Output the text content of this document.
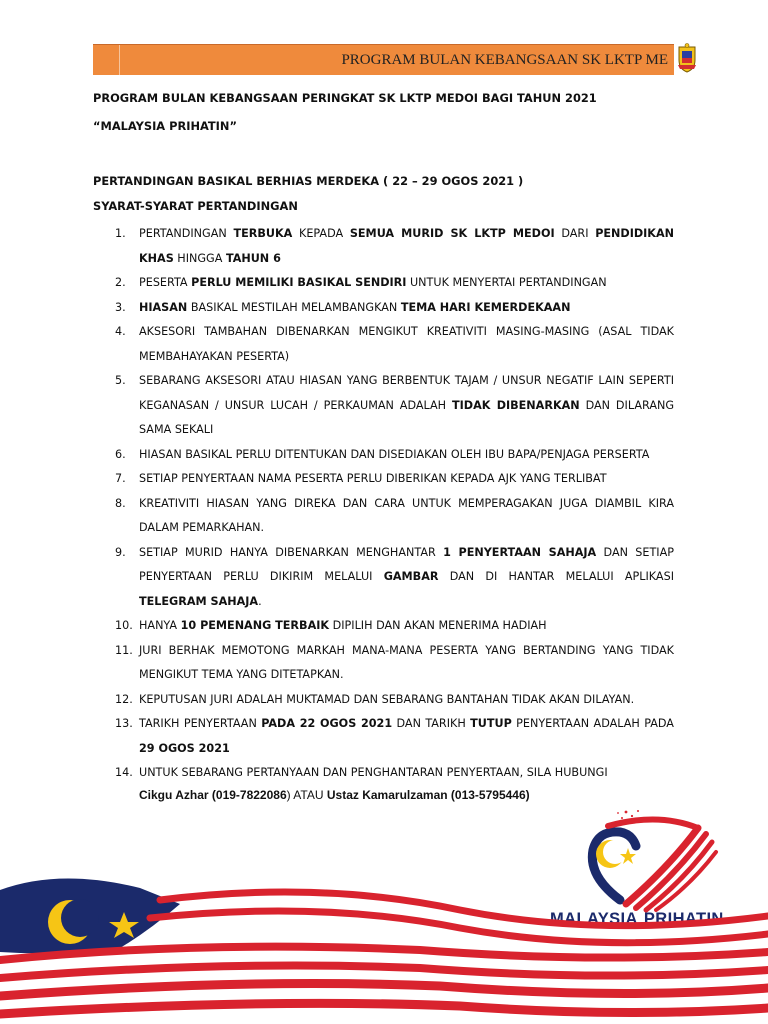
PROGRAM BULAN KEBANGSAAN SK LKTP ME
PROGRAM BULAN KEBANGSAAN PERINGKAT SK LKTP MEDOI BAGI TAHUN 2021
“MALAYSIA PRIHATIN”
PERTANDINGAN BASIKAL BERHIAS MERDEKA ( 22 – 29 OGOS 2021 )
SYARAT-SYARAT PERTANDINGAN
1.	PERTANDINGAN TERBUKA KEPADA SEMUA MURID SK LKTP MEDOI DARI PENDIDIKAN KHAS HINGGA TAHUN 6
2.	PESERTA PERLU MEMILIKI BASIKAL SENDIRI UNTUK MENYERTAI PERTANDINGAN
3.	HIASAN BASIKAL MESTILAH MELAMBANGKAN TEMA HARI KEMERDEKAAN
4.	AKSESORI TAMBAHAN DIBENARKAN MENGIKUT KREATIVITI MASING-MASING (ASAL TIDAK MEMBAHAYAKAN PESERTA)
5.	SEBARANG AKSESORI ATAU HIASAN YANG BERBENTUK TAJAM / UNSUR NEGATIF LAIN SEPERTI KEGANASAN / UNSUR LUCAH / PERKAUMAN ADALAH TIDAK DIBENARKAN DAN DILARANG SAMA SEKALI
6.	HIASAN BASIKAL PERLU DITENTUKAN DAN DISEDIAKAN OLEH IBU BAPA/PENJAGA PERSERTA
7.	SETIAP PENYERTAAN NAMA PESERTA PERLU DIBERIKAN KEPADA AJK YANG TERLIBAT
8.	KREATIVITI HIASAN YANG DIREKA DAN CARA UNTUK MEMPERAGAKAN JUGA DIAMBIL KIRA DALAM PEMARKAHAN.
9.	SETIAP MURID HANYA DIBENARKAN MENGHANTAR 1 PENYERTAAN SAHAJA DAN SETIAP PENYERTAAN PERLU DIKIRIM MELALUI GAMBAR DAN DI HANTAR MELALUI APLIKASI TELEGRAM SAHAJA.
10. HANYA 10 PEMENANG TERBAIK DIPILIH DAN AKAN MENERIMA HADIAH
11. JURI BERHAK MEMOTONG MARKAH MANA-MANA PESERTA YANG BERTANDING YANG TIDAK MENGIKUT TEMA YANG DITETAPKAN.
12. KEPUTUSAN JURI ADALAH MUKTAMAD DAN SEBARANG BANTAHAN TIDAK AKAN DILAYAN.
13. TARIKH PENYERTAAN PADA 22 OGOS 2021 DAN TARIKH TUTUP PENYERTAAN ADALAH PADA 29 OGOS 2021
14. UNTUK SEBARANG PERTANYAAN DAN PENGHANTARAN PENYERTAAN, SILA HUBUNGI
Cikgu Azhar (019-7822086) ATAU Ustaz Kamarulzaman (013-5795446)
MALAYSIA PRIHATIN
